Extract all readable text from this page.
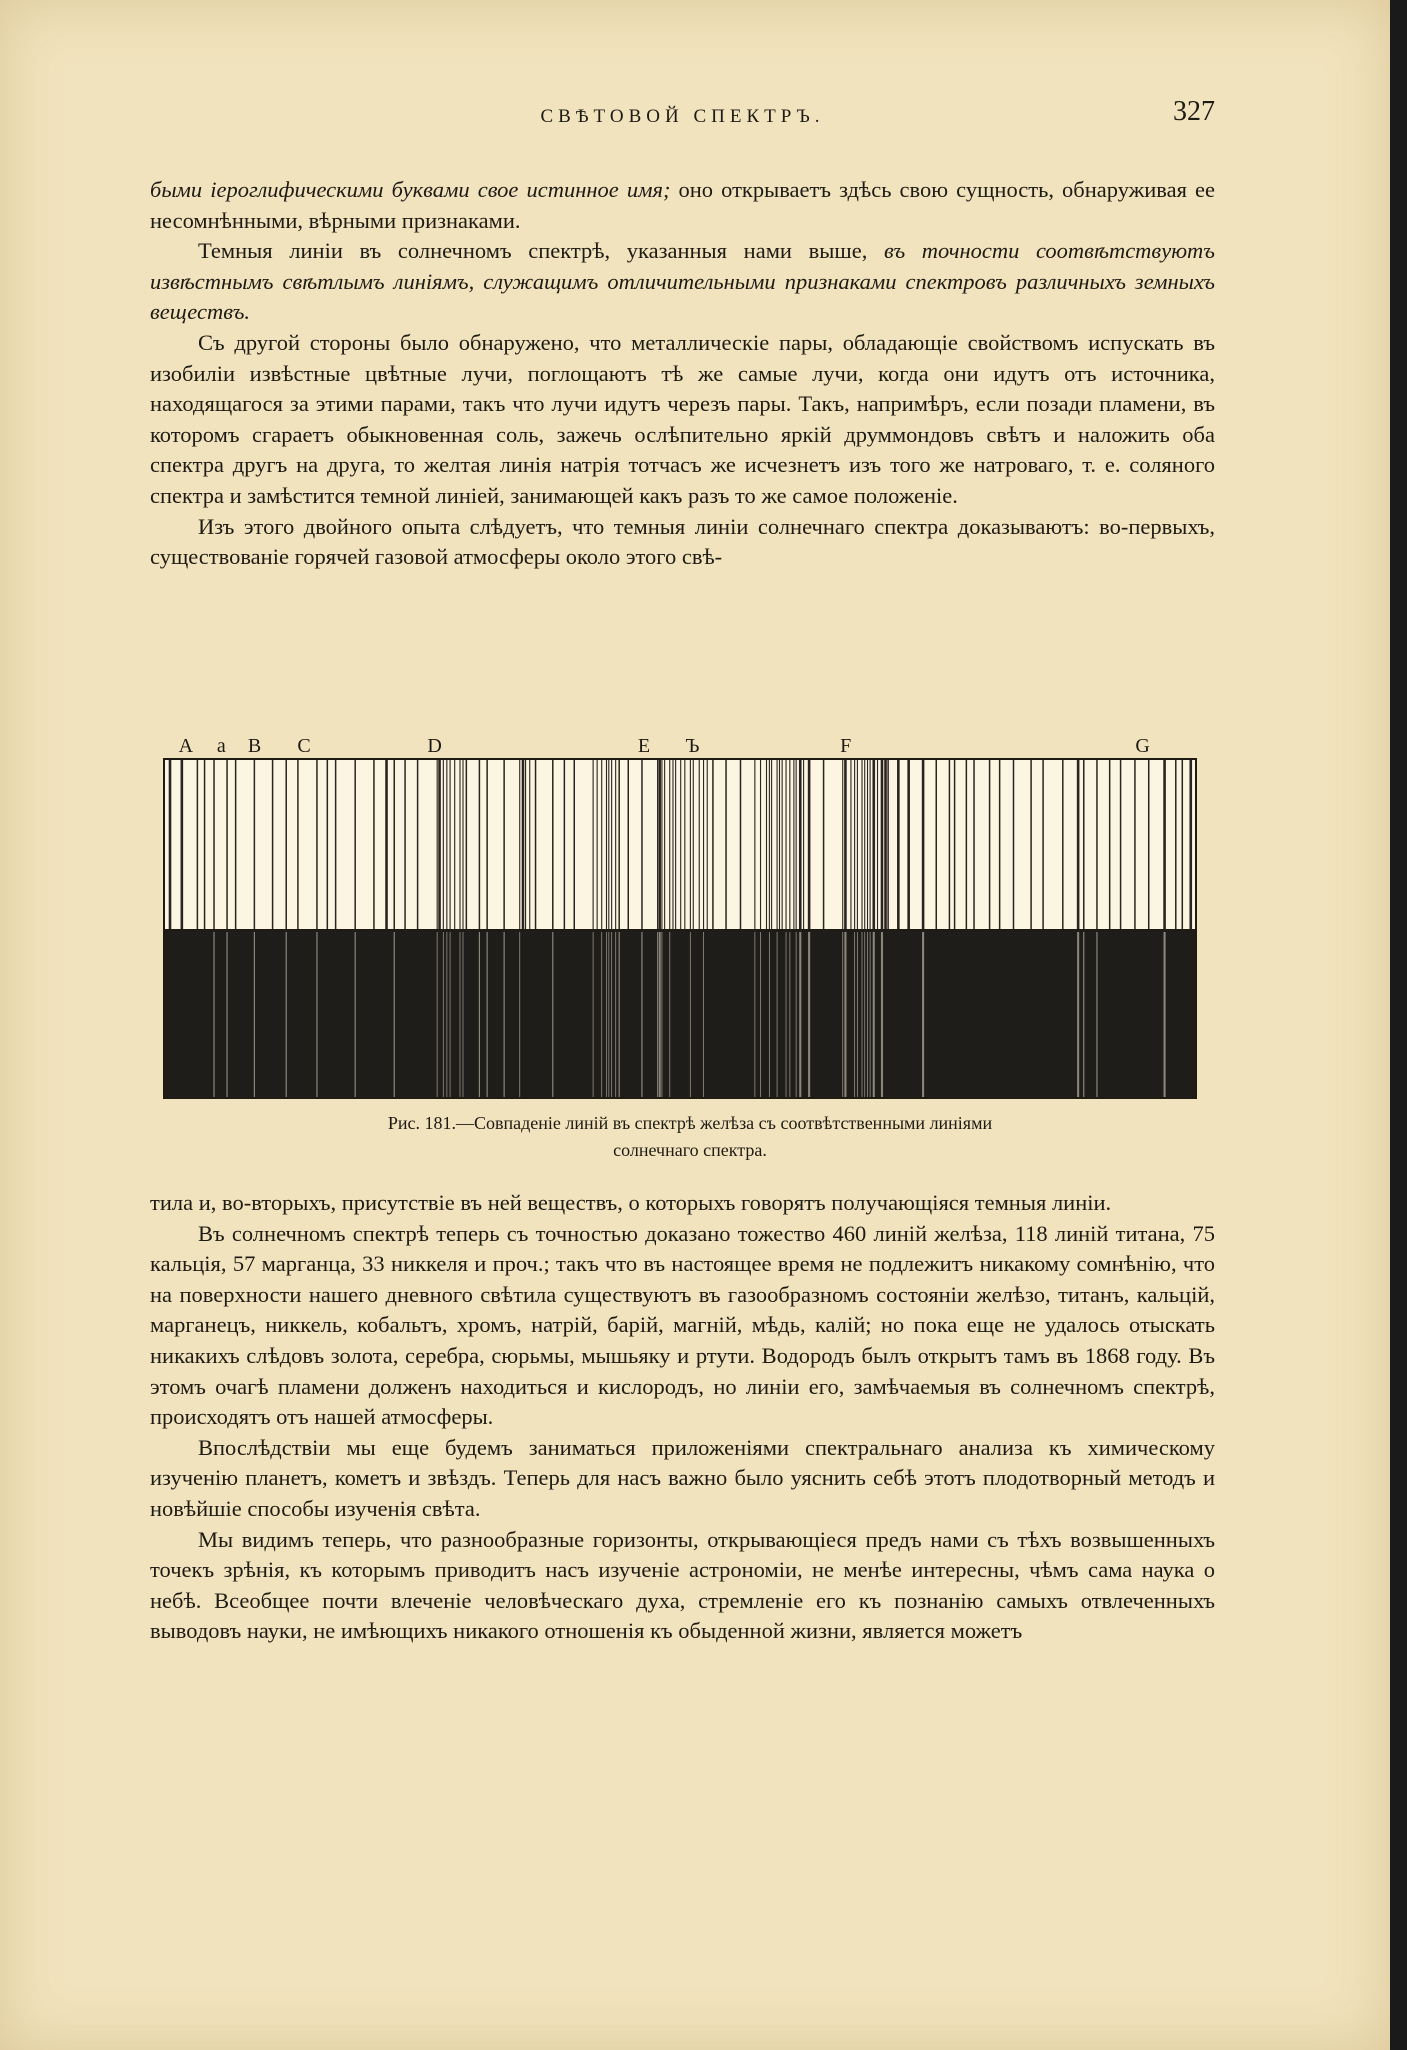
СВѢТОВОЙ СПЕКТРЪ.	327

быми iероглифическими буквами свое истинное имя; оно открываетъ здѣсь свою сущность, обнаруживая ее несомнѣнными, вѣрными признаками.

Темныя линiи въ солнечномъ спектрѣ, указанныя нами выше, въ точности соотвѣтствуютъ извѣстнымъ свѣтлымъ линiямъ, служащимъ отличительными признаками спектровъ различныхъ земныхъ веществъ.

Съ другой стороны было обнаружено, что металлическiе пары, обладающiе свойствомъ испускать въ изобилiи извѣстные цвѣтные лучи, поглощаютъ тѣ же самые лучи, когда они идутъ отъ источника, находящагося за этими парами, такъ что лучи идутъ черезъ пары. Такъ, напримѣръ, если позади пламени, въ которомъ сгараетъ обыкновенная соль, зажечь ослѣпительно яркiй друммондовъ свѣтъ и наложить оба спектра другъ на друга, то желтая линiя натрiя тотчасъ же исчезнетъ изъ того же натроваго, т. е. соляного спектра и замѣстится темной линiей, занимающей какъ разъ то же самое положенiе.

Изъ этого двойного опыта слѣдуетъ, что темныя линiи солнечнаго спектра доказываютъ: во-первыхъ, существованiе горячей газовой атмосферы около этого свѣ-

A a B C	D	E Ъ	F	G
Рис. 181.—Совпаденiе линiй въ спектрѣ желѣза съ соотвѣтственными линiями
солнечнаго спектра.

тила и, во-вторыхъ, присутствiе въ ней веществъ, о которыхъ говорятъ получающiяся темныя линiи.

Въ солнечномъ спектрѣ теперь съ точностью доказано тожество 460 линiй желѣза, 118 линiй титана, 75 кальцiя, 57 марганца, 33 никкеля и проч.; такъ что въ настоящее время не подлежитъ никакому сомнѣнiю, что на поверхности нашего дневного свѣтила существуютъ въ газообразномъ состоянiи желѣзо, титанъ, кальцiй, марганецъ, никкель, кобальтъ, хромъ, натрiй, барiй, магнiй, мѣдь, калiй; но пока еще не удалось отыскать никакихъ слѣдовъ золота, серебра, сюрьмы, мышьяку и ртути. Водородъ былъ открытъ тамъ въ 1868 году. Въ этомъ очагѣ пламени долженъ находиться и кислородъ, но линiи его, замѣчаемыя въ солнечномъ спектрѣ, происходятъ отъ нашей атмосферы.

Впослѣдствiи мы еще будемъ заниматься приложенiями спектральнаго анализа къ химическому изученiю планетъ, кометъ и звѣздъ. Теперь для насъ важно было уяснить себѣ этотъ плодотворный методъ и новѣйшiе способы изученiя свѣта.

Мы видимъ теперь, что разнообразные горизонты, открывающiеся предъ нами съ тѣхъ возвышенныхъ точекъ зрѣнiя, къ которымъ приводитъ насъ изученiе астрономiи, не менѣе интересны, чѣмъ сама наука о небѣ. Всеобщее почти влеченiе человѣческаго духа, стремленiе его къ познанiю самыхъ отвлеченныхъ выводовъ науки, не имѣющихъ никакого отношенiя къ обыденной жизни, является можетъ
